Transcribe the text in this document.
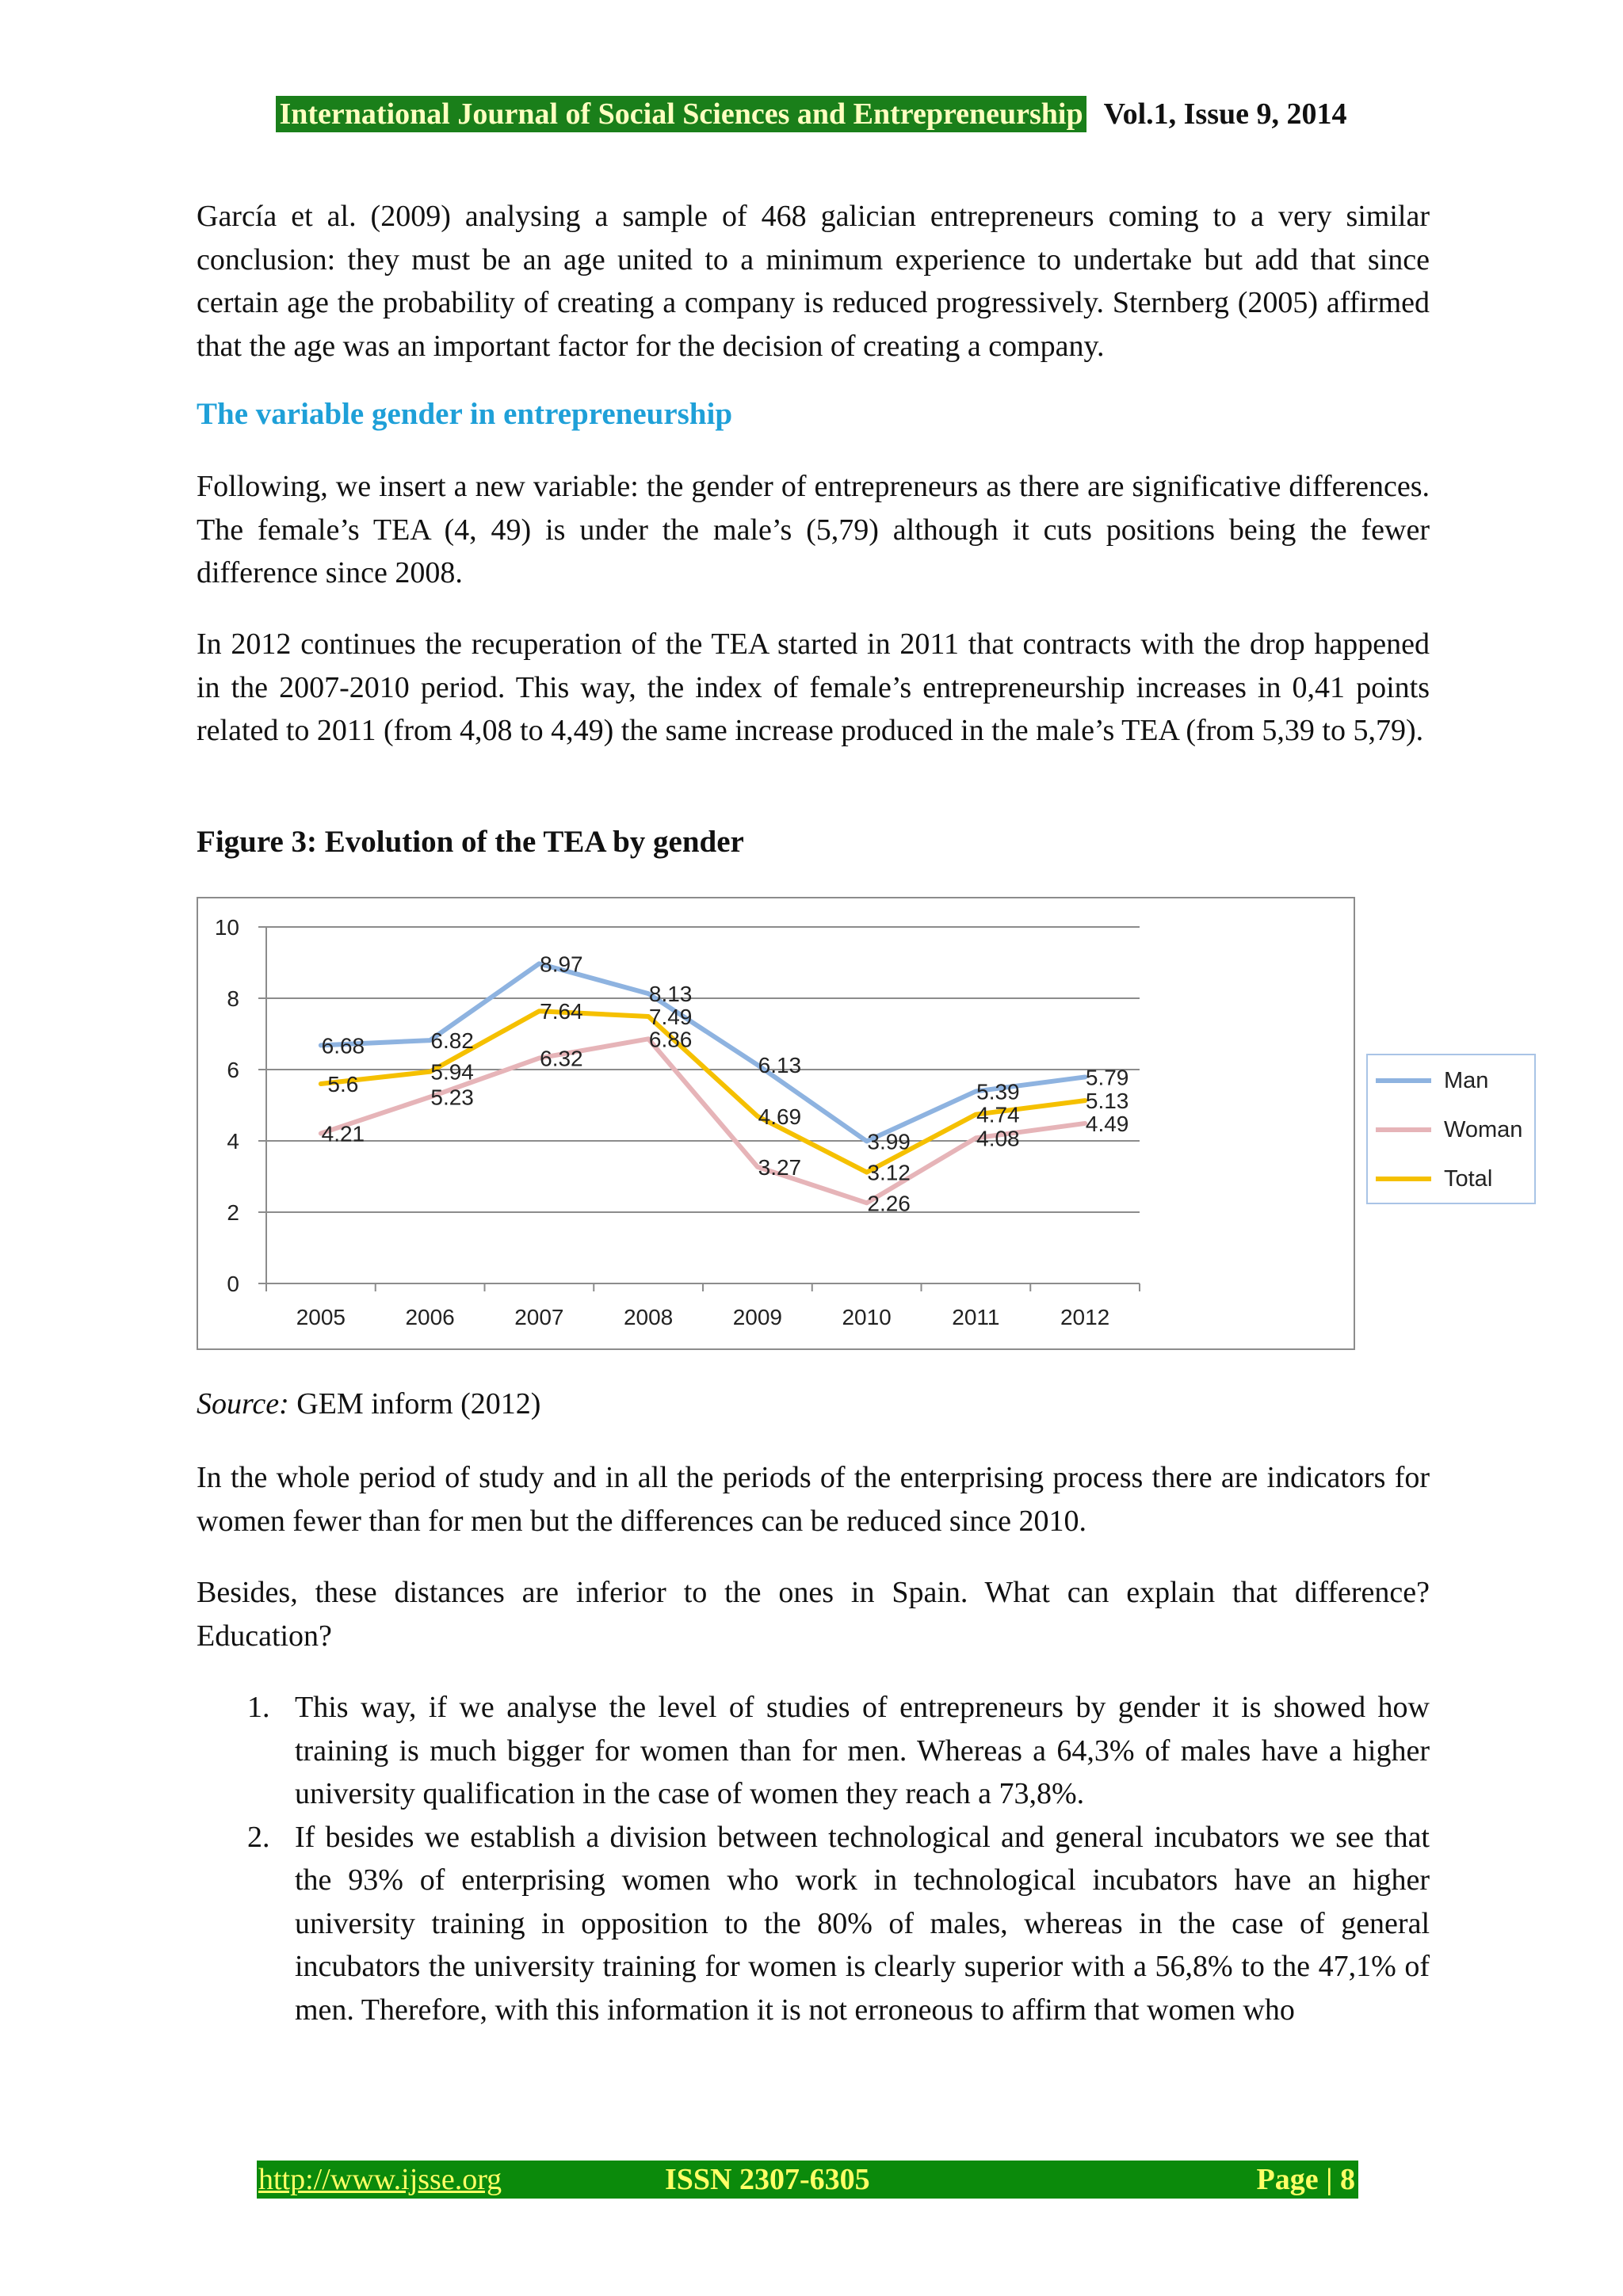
International Journal of Social Sciences and Entrepreneurship Vol.1, Issue 9, 2014

García et al. (2009) analysing a sample of 468 galician entrepreneurs coming to a very similar conclusion: they must be an age united to a minimum experience to undertake but add that since certain age the probability of creating a company is reduced progressively. Sternberg (2005) affirmed that the age was an important factor for the decision of creating a company.

The variable gender in entrepreneurship

Following, we insert a new variable: the gender of entrepreneurs as there are significative differences. The female’s TEA (4, 49) is under the male’s (5,79) although it cuts positions being the fewer difference since 2008.

In 2012 continues the recuperation of the TEA started in 2011 that contracts with the drop happened in the 2007-2010 period. This way, the index of female’s entrepreneurship increases in 0,41 points related to 2011 (from 4,08 to 4,49) the same increase produced in the male’s TEA (from 5,39 to 5,79).

Figure 3: Evolution of the TEA by gender

0
2
4
6
8
10
2005	2006	2007	2008	2009	2010	2011	2012
6.68	6.82
8.97
8.13
6.13
3.99
5.39
5.79
4.21
5.23
6.32
6.86
3.27
2.26
4.08
4.49
5.6	5.94
7.64	7.49
4.69
3.12
4.74
5.13
Man
Woman
Total

Source: GEM inform (2012)

In the whole period of study and in all the periods of the enterprising process there are indicators for women fewer than for men but the differences can be reduced since 2010.

Besides, these distances are inferior to the ones in Spain. What can explain that difference? Education?

1. This way, if we analyse the level of studies of entrepreneurs by gender it is showed how training is much bigger for women than for men. Whereas a 64,3% of males have a higher university qualification in the case of women they reach a 73,8%.
2. If besides we establish a division between technological and general incubators we see that the 93% of enterprising women who work in technological incubators have an higher university training in opposition to the 80% of males, whereas in the case of general incubators the university training for women is clearly superior with a 56,8% to the 47,1% of men. Therefore, with this information it is not erroneous to affirm that women who
http://www.ijsse.org	ISSN 2307-6305	Page | 8
